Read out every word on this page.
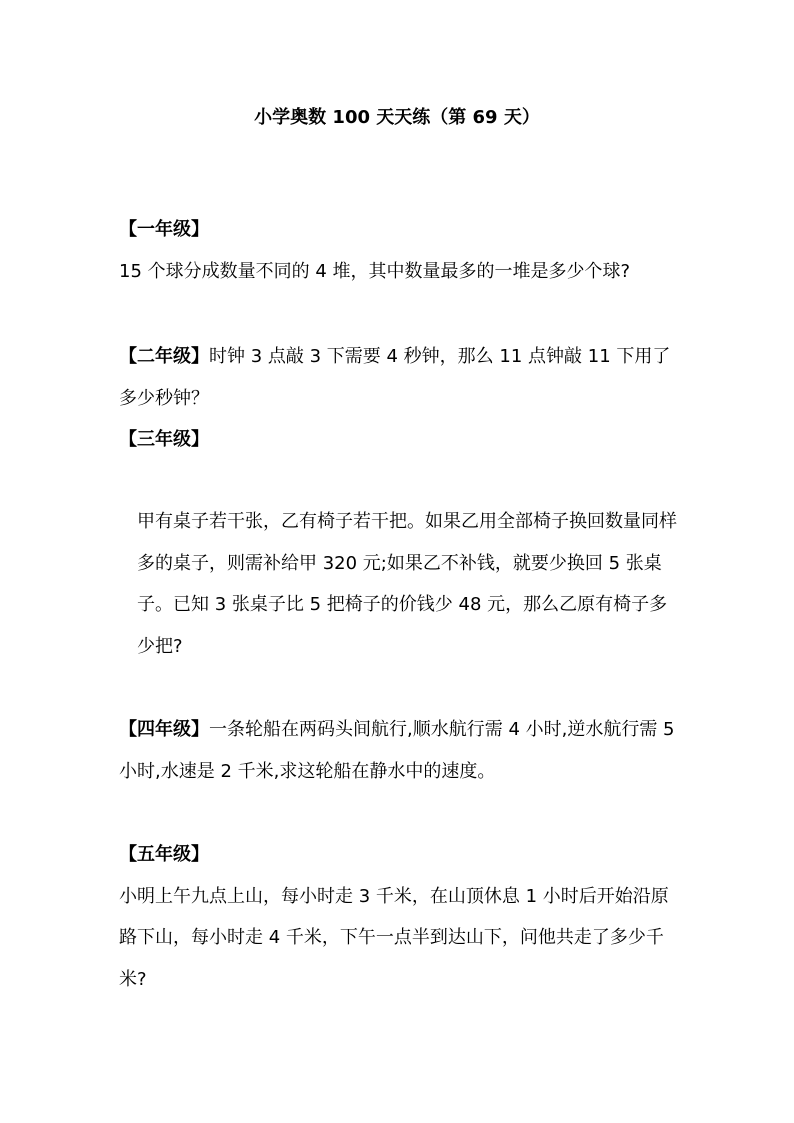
小学奥数 100 天天练（第 69 天）
【一年级】
15 个球分成数量不同的 4 堆，其中数量最多的一堆是多少个球?
【二年级】时钟 3 点敲 3 下需要 4 秒钟，那么 11 点钟敲 11 下用了多少秒钟？
【三年级】
甲有桌子若干张，乙有椅子若干把。如果乙用全部椅子换回数量同样多的桌子，则需补给甲 320 元;如果乙不补钱，就要少换回 5 张桌子。已知 3 张桌子比 5 把椅子的价钱少 48 元，那么乙原有椅子多少把?
【四年级】一条轮船在两码头间航行,顺水航行需 4 小时,逆水航行需 5 小时,水速是 2 千米,求这轮船在静水中的速度。
【五年级】
小明上午九点上山，每小时走 3 千米，在山顶休息 1 小时后开始沿原路下山，每小时走 4 千米，下午一点半到达山下，问他共走了多少千米?
